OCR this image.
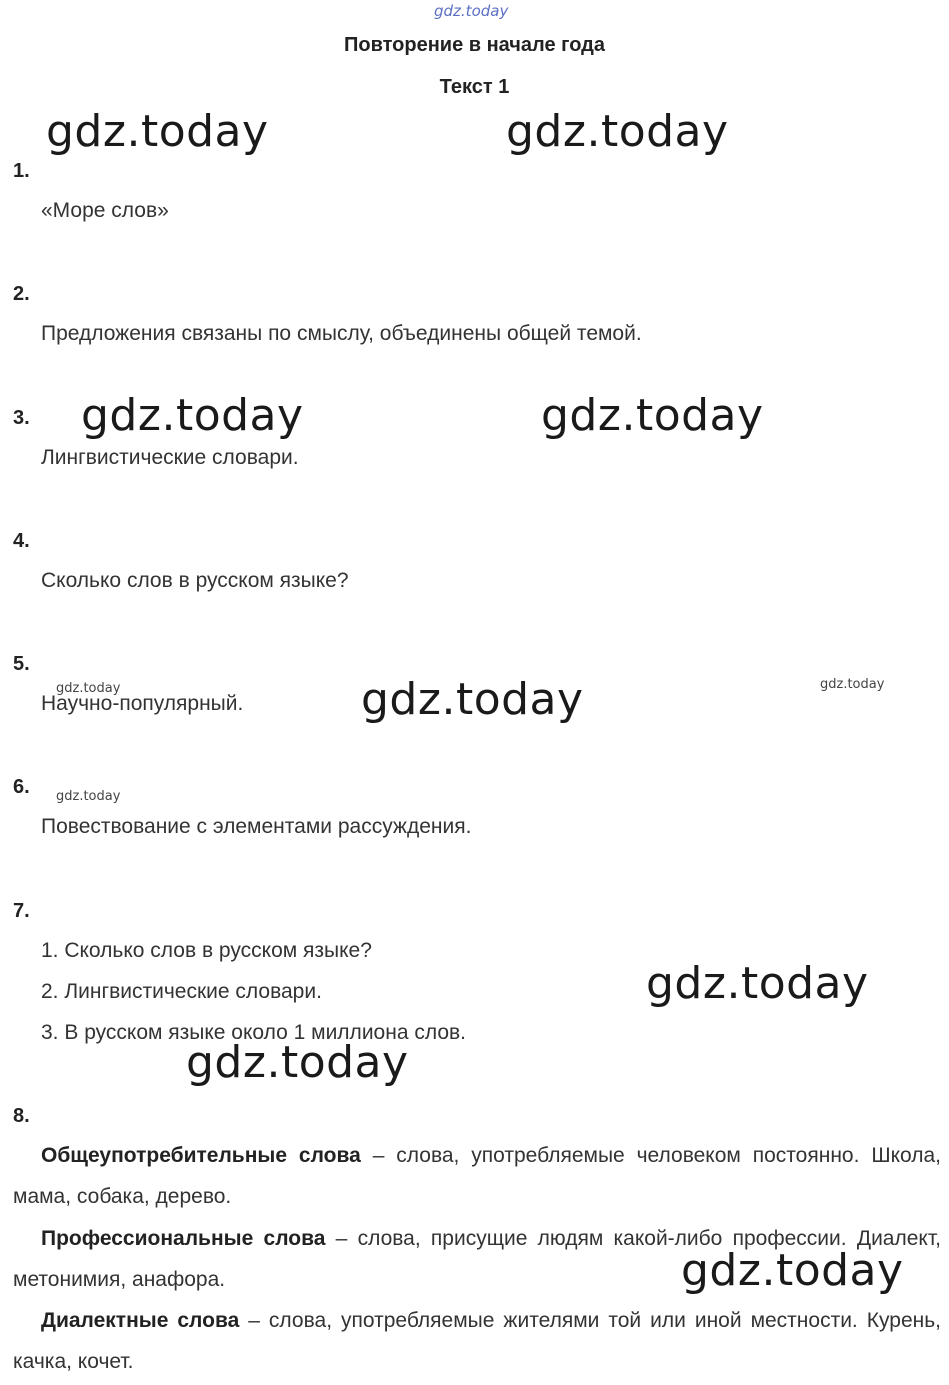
gdz.today
Повторение в начале года
Текст 1
gdz.today	gdz.today
gdz.today	gdz.today
gdz.today
gdz.today
gdz.today
gdz.today
gdz.today	gdz.today
gdz.today
1.
«Море слов»
2.
Предложения связаны по смыслу, объединены общей темой.
3.
Лингвистические словари.
4.
Сколько слов в русском языке?
5.
Научно-популярный.
6.
Повествование с элементами рассуждения.
7.
1. Сколько слов в русском языке?
2. Лингвистические словари.
3. В русском языке около 1 миллиона слов.
8.
Общеупотребительные слова – слова, употребляемые человеком постоянно. Школа, мама, собака, дерево.
Профессиональные слова – слова, присущие людям какой-либо профессии. Диалект, метонимия, анафора.
Диалектные слова – слова, употребляемые жителями той или иной местности. Курень, качка, кочет.
